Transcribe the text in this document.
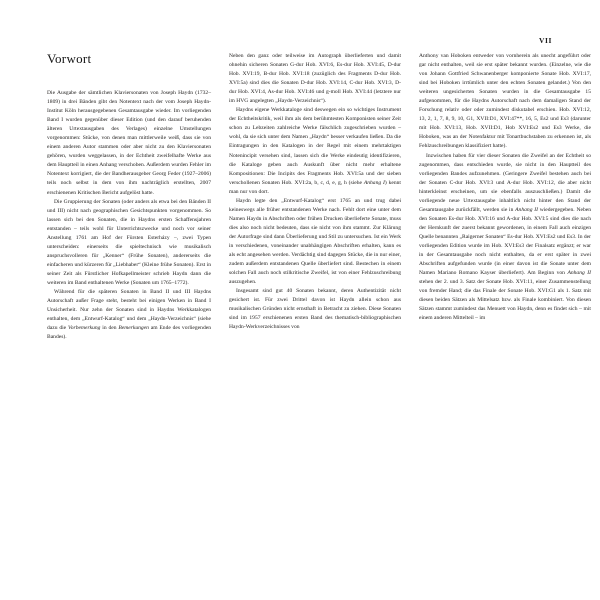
VII
Vorwort

Die Ausgabe der sämtlichen Klaviersonaten von Joseph Haydn (1732–1809) in drei Bänden gibt den Notentext nach der vom Joseph Haydn-Institut Köln herausgegebenen Gesamtausgabe wieder. Im vorliegenden Band I wurden gegenüber dieser Edition (und den darauf beruhenden älteren Urtextausgaben des Verlages) einzelne Umstellungen vorgenommen: Stücke, von denen man mittlerweile weiß, dass sie von einem anderen Autor stammen oder aber nicht zu den Klaviersonaten gehören, wurden weggelassen, in der Echtheit zweifelhafte Werke aus dem Hauptteil in einen Anhang verschoben. Außerdem wurden Fehler im Notentext korrigiert, die der Bandherausgeber Georg Feder (1927–2006) teils noch selbst in dem von ihm nachträglich erstellten, 2007 erschienenen Kritischen Bericht aufgelöst hatte.

Die Gruppierung der Sonaten (oder anders als etwa bei den Bänden II und III) nicht nach geographischen Gesichtspunkten vorgenommen. So lassen sich bei den Sonaten, die in Haydns ersten Schaffensjahren entstanden – teils wohl für Unterrichtszwecke und noch vor seiner Anstellung 1761 am Hof der Fürsten Esterházy –, zwei Typen unterscheiden: einerseits die spieltechnisch wie musikalisch anspruchsvolleren für „Kenner“ (Frühe Sonaten), andererseits die einfacheren und kürzeren für „Liebhaber“ (Kleine frühe Sonaten). Erst in seiner Zeit als Fürstlicher Hofkapellmeister schrieb Haydn dann die weiteren im Band enthaltenen Werke (Sonaten um 1765–1772).

Während für die späteren Sonaten in Band II und III Haydns Autorschaft außer Frage steht, besteht bei einigen Werken in Band I Unsicherheit. Nur zehn der Sonaten sind in Haydns Werkkatalogen enthalten, dem „Entwurf-Katalog“ und dem „Haydn-Verzeichnis“ (siehe dazu die Vorbemerkung in den Bemerkungen am Ende des vorliegenden Bandes).

Neben den ganz oder teilweise im Autograph überlieferten und damit ohnehin sicheren Sonaten G-dur Hob. XVI:6, Es-dur Hob. XVI:45, D-dur Hob. XVI:19, B-dur Hob. XVI:18 (zuzüglich des Fragments D-dur Hob. XVI:5a) sind dies die Sonaten D-dur Hob. XVI:14, C-dur Hob. XVI:3, D-dur Hob. XVI:4, As-dur Hob. XVI:46 und g-moll Hob. XVI:44 (letztere nur im HVG angelegten „Haydn-Verzeichnis“).

Haydns eigene Werkkataloge sind deswegen ein so wichtiges Instrument der Echtheitskritik, weil ihm als dem berühmtesten Komponisten seiner Zeit schon zu Lebzeiten zahlreiche Werke fälschlich zugeschrieben wurden – wohl, da sie sich unter dem Namen „Haydn“ besser verkaufen ließen. Da die Eintragungen in den Katalogen in der Regel mit einem mehrtaktigen Notenincipit versehen sind, lassen sich die Werke eindeutig identifizieren, die Kataloge geben auch Auskunft über nicht mehr erhaltene Kompositionen: Die Incipits des Fragments Hob. XVI:5a und der sieben verschollenen Sonaten Hob. XVI:2a, b, c, d, e, g, h (siehe Anhang I) kennt man nur von dort.

Haydn legte den „Entwurf-Katalog“ erst 1765 an und trug dabei keineswegs alle früher entstandenen Werke nach. Fehlt dort eine unter dem Namen Haydn in Abschriften oder frühen Drucken überlieferte Sonate, muss dies also noch nicht bedeuten, dass sie nicht von ihm stammt. Zur Klärung der Autorfrage sind dann Überlieferung und Stil zu untersuchen. Ist ein Werk in verschiedenen, voneinander unabhängigen Abschriften erhalten, kann es als echt angesehen werden. Verdächtig sind dagegen Stücke, die in nur einer, zudem außerdem entstandenen Quelle überliefert sind. Bestechen in einem solchen Fall auch noch stilkritische Zweifel, ist von einer Fehlzuschreibung auszugehen.

Insgesamt sind gut 40 Sonaten bekannt, deren Authentizität nicht gesichert ist. Für zwei Drittel davon ist Haydn allein schon aus musikalischen Gründen nicht ernsthaft in Betracht zu ziehen. Diese Sonaten sind im 1957 erschienenen ersten Band des thematisch-bibliographischen Haydn-Werkverzeichnisses von

Anthony van Hoboken entweder von vornherein als unecht angeführt oder gar nicht enthalten, weil sie erst später bekannt wurden. (Einzelne, wie die von Johann Gottfried Schwanenberger komponierte Sonate Hob. XVI:17, sind bei Hoboken irrtümlich unter den echten Sonaten gelandet.) Von den weiteren ungesicherten Sonaten wurden in die Gesamtausgabe 15 aufgenommen, für die Haydns Autorschaft nach dem damaligen Stand der Forschung relativ oder oder zumindest diskutabel erschien. Hob. XVI:12, 13, 2, 1, 7, 8, 9, 10, G1, XVII:D1, XVI:47**, 16, 5, Es2 und Es3 (darunter mit Hob. XVI:13, Hob. XVII:D1, Hob XVI:Es2 und Es3 Werke, die Hoboken, was an der Notenfaktur mit Tonartbuchstaben zu erkennen ist, als Fehlzuschreibungen klassifiziert hatte).

Inzwischen haben für vier dieser Sonaten die Zweifel an der Echtheit so zugenommen, dass entschieden wurde, sie nicht in den Hauptteil des vorliegenden Bandes aufzunehmen. (Geringere Zweifel bestehen auch bei der Sonaten C-dur Hob. XVI:3 und A-dur Hob. XVI:12, die aber nicht hinterkleinst erscheinen, um sie ebenfalls auszuschließen.) Damit die vorliegende neue Urtextausgabe inhaltlich nicht hinter den Stand der Gesamtausgabe zurückfällt, werden sie in Anhang II wiedergegeben. Neben den Sonaten Es-dur Hob. XVI:16 und A-dur Hob. XVI:5 sind dies die nach der Hernkunft der zuerst bekannt gewordenen, in einem Fall auch einzigen Quelle benannten „Raigerner Sonaten“ Es-dur Hob. XVI:Es2 und Es3. In der vorliegenden Edition wurde im Hob. XVI:Es3 der Finalsatz ergänzt; er war in der Gesamtausgabe noch nicht enthalten, da er erst später in zwei Abschriften aufgefunden wurde (in einer davon ist die Sonate unter dem Namen Mariano Romano Kayser überliefert). Am Beginn von Anhang II stehen der 2. und 3. Satz der Sonate Hob. XVI:11, einer Zusammenstellung von fremder Hand; die das Finale der Sonate Hob. XVI:G1 als 1. Satz mit diesen beiden Sätzen als Mittelsatz bzw. als Finale kombiniert. Von diesen Sätzen stammt zumindest das Menuett von Haydn, denn es findet sich – mit einem anderen Mittelteil – im
